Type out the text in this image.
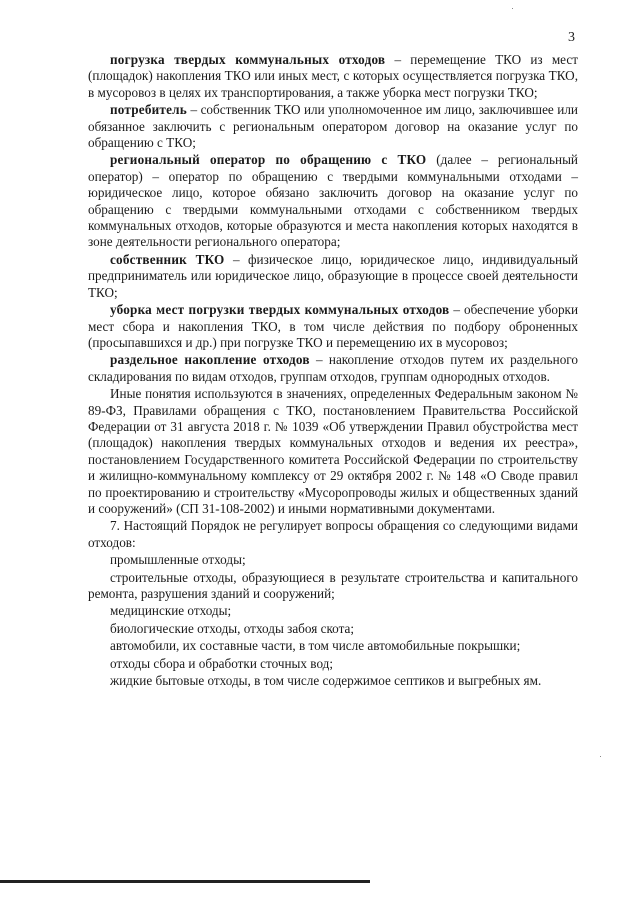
3

погрузка твердых коммунальных отходов – перемещение ТКО из мест (площадок) накопления ТКО или иных мест, с которых осуществляется погрузка ТКО, в мусоровоз в целях их транспортирования, а также уборка мест погрузки ТКО;

потребитель – собственник ТКО или уполномоченное им лицо, заключившее или обязанное заключить с региональным оператором договор на оказание услуг по обращению с ТКО;

региональный оператор по обращению с ТКО (далее – региональный оператор) – оператор по обращению с твердыми коммунальными отходами – юридическое лицо, которое обязано заключить договор на оказание услуг по обращению с твердыми коммунальными отходами с собственником твердых коммунальных отходов, которые образуются и места накопления которых находятся в зоне деятельности регионального оператора;

собственник ТКО – физическое лицо, юридическое лицо, индивидуальный предприниматель или юридическое лицо, образующие в процессе своей деятельности ТКО;

уборка мест погрузки твердых коммунальных отходов – обеспечение уборки мест сбора и накопления ТКО, в том числе действия по подбору оброненных (просыпавшихся и др.) при погрузке ТКО и перемещению их в мусоровоз;

раздельное накопление отходов – накопление отходов путем их раздельного складирования по видам отходов, группам отходов, группам однородных отходов.

Иные понятия используются в значениях, определенных Федеральным законом № 89-ФЗ, Правилами обращения с ТКО, постановлением Правительства Российской Федерации от 31 августа 2018 г. № 1039 «Об утверждении Правил обустройства мест (площадок) накопления твердых коммунальных отходов и ведения их реестра», постановлением Государственного комитета Российской Федерации по строительству и жилищно-коммунальному комплексу от 29 октября 2002 г. № 148 «О Своде правил по проектированию и строительству «Мусоропроводы жилых и общественных зданий и сооружений» (СП 31-108-2002) и иными нормативными документами.

7. Настоящий Порядок не регулирует вопросы обращения со следующими видами отходов:

промышленные отходы;

строительные отходы, образующиеся в результате строительства и капитального ремонта, разрушения зданий и сооружений;

медицинские отходы;

биологические отходы, отходы забоя скота;

автомобили, их составные части, в том числе автомобильные покрышки;

отходы сбора и обработки сточных вод;

жидкие бытовые отходы, в том числе содержимое септиков и выгребных ям.
